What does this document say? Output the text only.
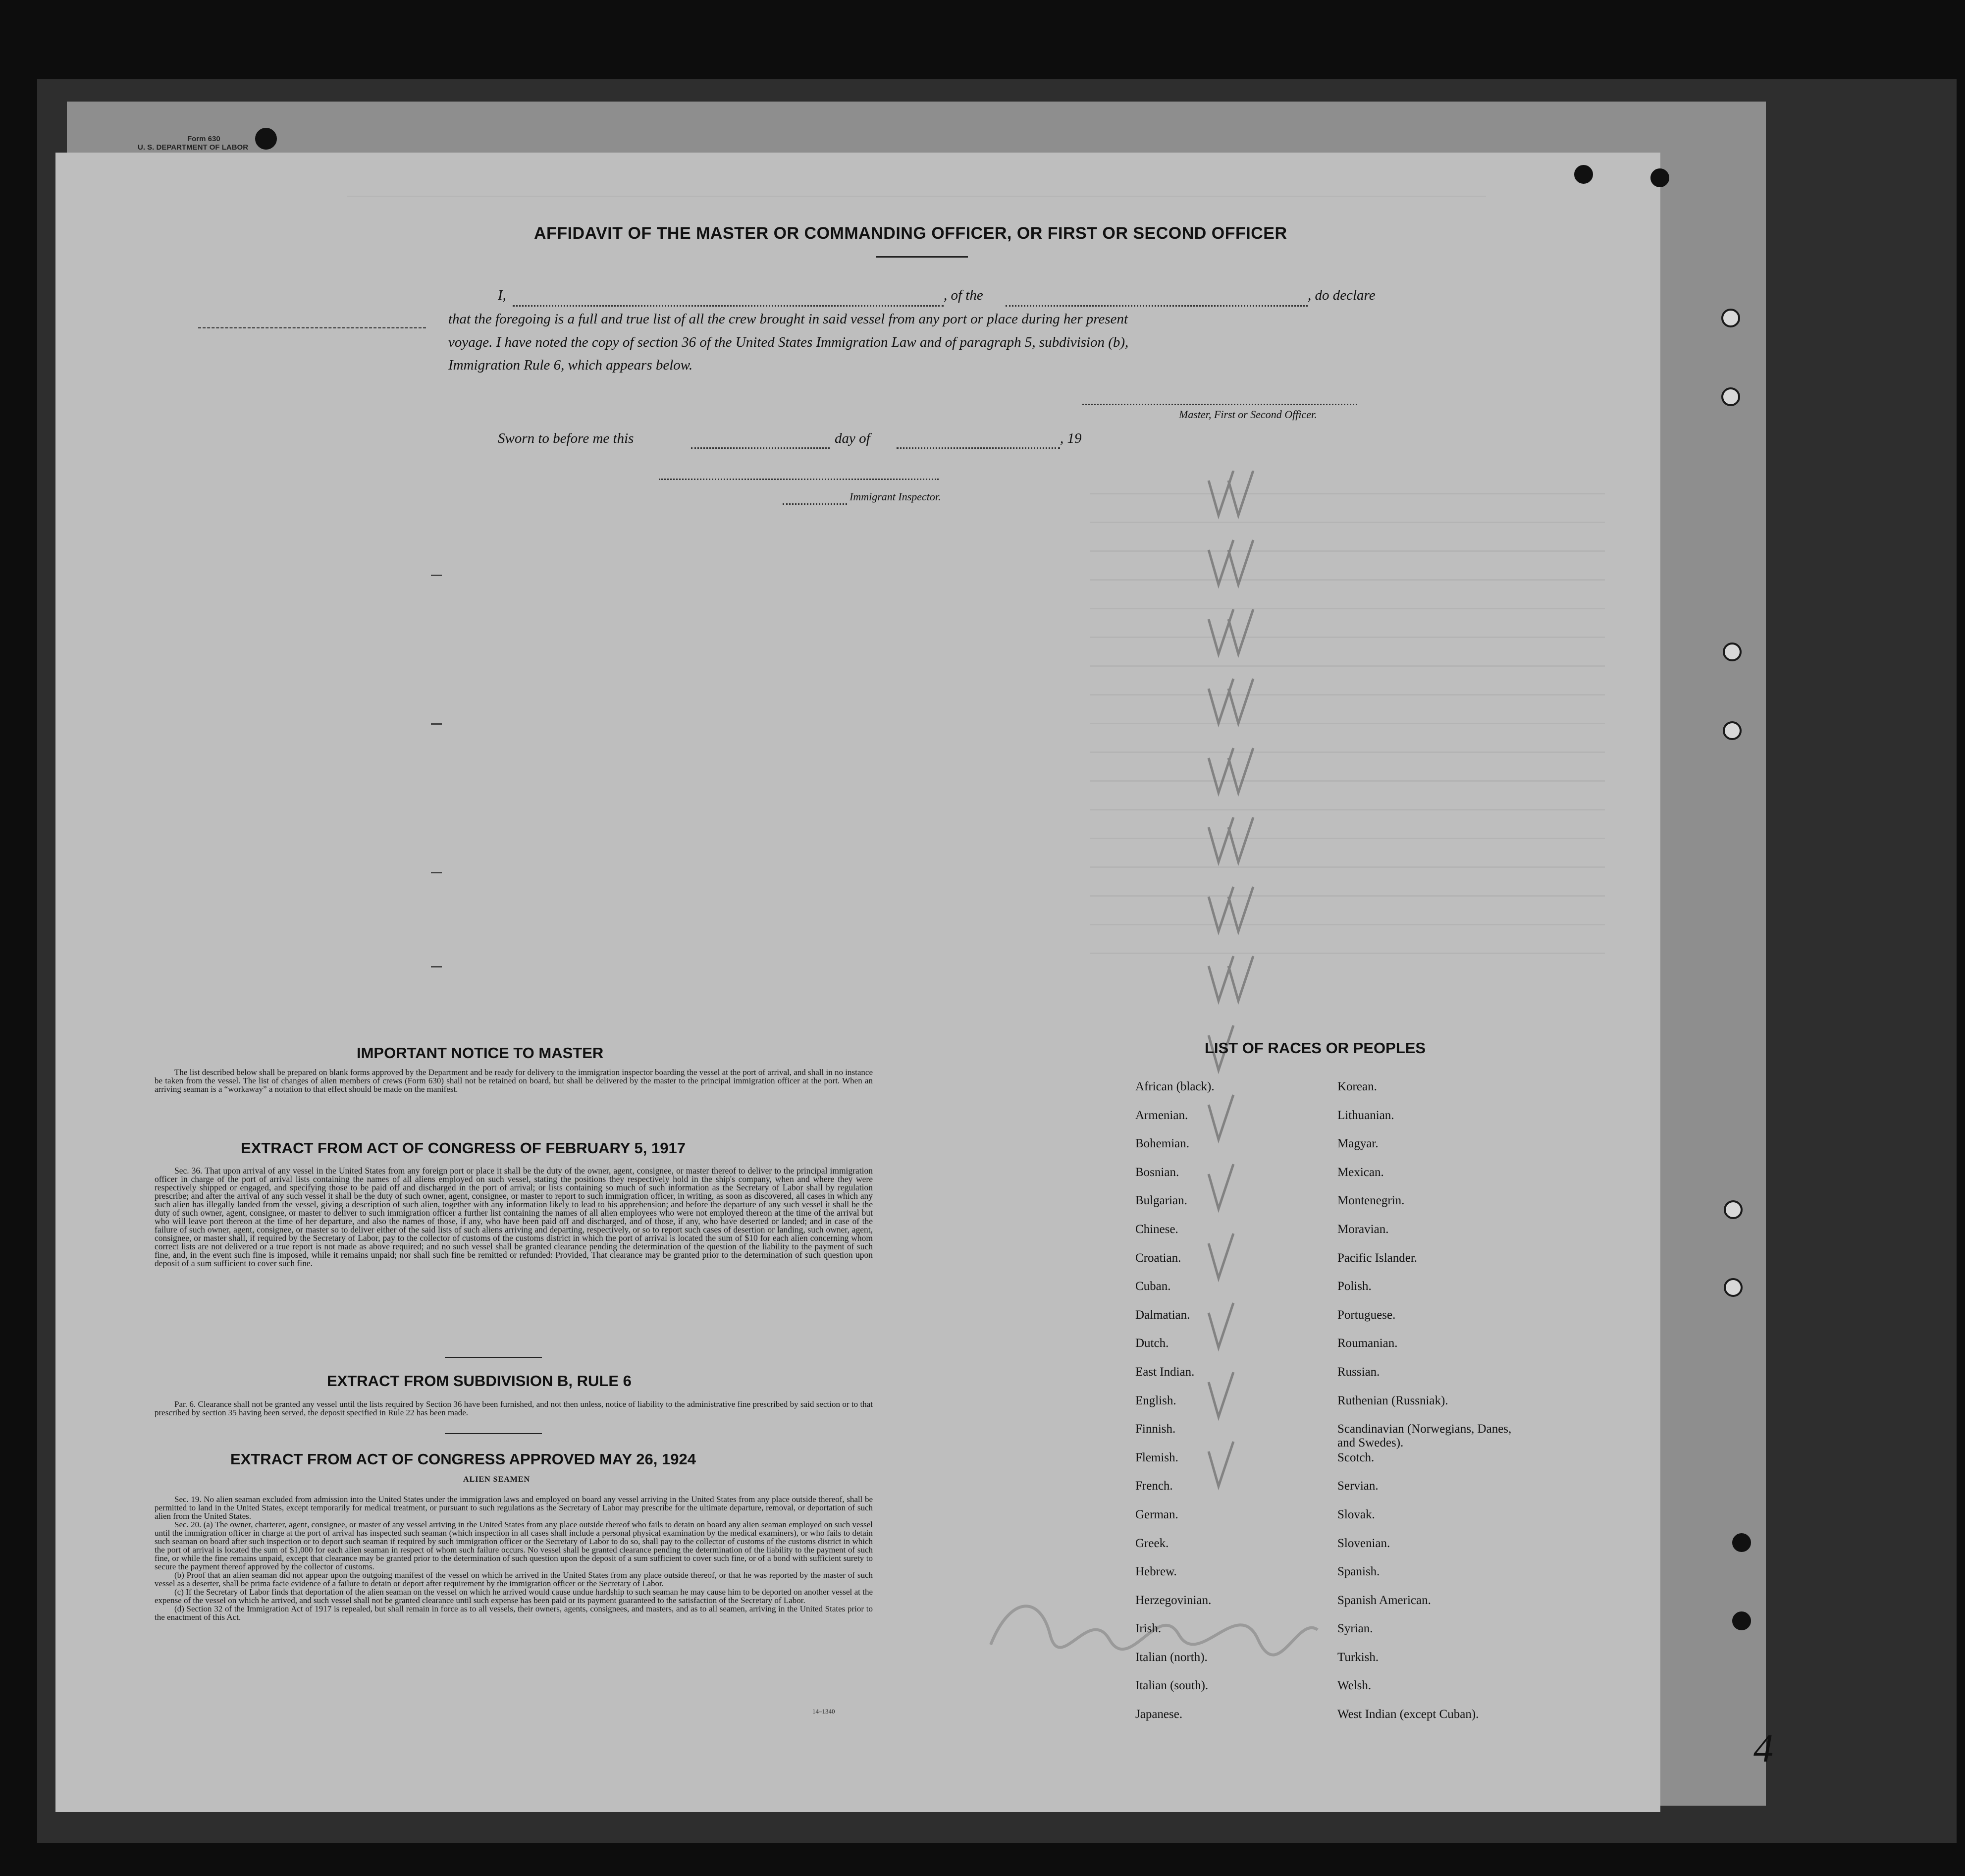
Form 630
U. S. DEPARTMENT OF LABOR
AFFIDAVIT OF THE MASTER OR COMMANDING OFFICER, OR FIRST OR SECOND OFFICER
I,	, of the	, do declare
that the foregoing is a full and true list of all the crew brought in said vessel from any port or place during her present
voyage. I have noted the copy of section 36 of the United States Immigration Law and of paragraph 5, subdivision (b),
Immigration Rule 6, which appears below.
Master, First or Second Officer.
Sworn to before me this	day of	, 19
Immigrant Inspector.
IMPORTANT NOTICE TO MASTER

The list described below shall be prepared on blank forms approved by the Department and be ready for delivery to the immigration inspector boarding the vessel at the port of arrival, and shall in no instance be taken from the vessel. The list of changes of alien members of crews (Form 630) shall not be retained on board, but shall be delivered by the master to the principal immigration officer at the port. When an arriving seaman is a “workaway” a notation to that effect should be made on the manifest.

EXTRACT FROM ACT OF CONGRESS OF FEBRUARY 5, 1917

Sec. 36. That upon arrival of any vessel in the United States from any foreign port or place it shall be the duty of the owner, agent, consignee, or master thereof to deliver to the principal immigration officer in charge of the port of arrival lists containing the names of all aliens employed on such vessel, stating the positions they respectively hold in the ship's company, when and where they were respectively shipped or engaged, and specifying those to be paid off and discharged in the port of arrival; or lists containing so much of such information as the Secretary of Labor shall by regulation prescribe; and after the arrival of any such vessel it shall be the duty of such owner, agent, consignee, or master to report to such immigration officer, in writing, as soon as discovered, all cases in which any such alien has illegally landed from the vessel, giving a description of such alien, together with any information likely to lead to his apprehension; and before the departure of any such vessel it shall be the duty of such owner, agent, consignee, or master to deliver to such immigration officer a further list containing the names of all alien employees who were not employed thereon at the time of the arrival but who will leave port thereon at the time of her departure, and also the names of those, if any, who have been paid off and discharged, and of those, if any, who have deserted or landed; and in case of the failure of such owner, agent, consignee, or master so to deliver either of the said lists of such aliens arriving and departing, respectively, or so to report such cases of desertion or landing, such owner, agent, consignee, or master shall, if required by the Secretary of Labor, pay to the collector of customs of the customs district in which the port of arrival is located the sum of $10 for each alien concerning whom correct lists are not delivered or a true report is not made as above required; and no such vessel shall be granted clearance pending the determination of the question of the liability to the payment of such fine, and, in the event such fine is imposed, while it remains unpaid; nor shall such fine be remitted or refunded: Provided, That clearance may be granted prior to the determination of such question upon deposit of a sum sufficient to cover such fine.

EXTRACT FROM SUBDIVISION B, RULE 6

Par. 6. Clearance shall not be granted any vessel until the lists required by Section 36 have been furnished, and not then unless, notice of liability to the administrative fine prescribed by said section or to that prescribed by section 35 having been served, the deposit specified in Rule 22 has been made.

EXTRACT FROM ACT OF CONGRESS APPROVED MAY 26, 1924
ALIEN SEAMEN

Sec. 19. No alien seaman excluded from admission into the United States under the immigration laws and employed on board any vessel arriving in the United States from any place outside thereof, shall be permitted to land in the United States, except temporarily for medical treatment, or pursuant to such regulations as the Secretary of Labor may prescribe for the ultimate departure, removal, or deportation of such alien from the United States.

Sec. 20. (a) The owner, charterer, agent, consignee, or master of any vessel arriving in the United States from any place outside thereof who fails to detain on board any alien seaman employed on such vessel until the immigration officer in charge at the port of arrival has inspected such seaman (which inspection in all cases shall include a personal physical examination by the medical examiners), or who fails to detain such seaman on board after such inspection or to deport such seaman if required by such immigration officer or the Secretary of Labor to do so, shall pay to the collector of customs of the customs district in which the port of arrival is located the sum of $1,000 for each alien seaman in respect of whom such failure occurs. No vessel shall be granted clearance pending the determination of the liability to the payment of such fine, or while the fine remains unpaid, except that clearance may be granted prior to the determination of such question upon the deposit of a sum sufficient to cover such fine, or of a bond with sufficient surety to secure the payment thereof approved by the collector of customs.

(b) Proof that an alien seaman did not appear upon the outgoing manifest of the vessel on which he arrived in the United States from any place outside thereof, or that he was reported by the master of such vessel as a deserter, shall be prima facie evidence of a failure to detain or deport after requirement by the immigration officer or the Secretary of Labor.

(c) If the Secretary of Labor finds that deportation of the alien seaman on the vessel on which he arrived would cause undue hardship to such seaman he may cause him to be deported on another vessel at the expense of the vessel on which he arrived, and such vessel shall not be granted clearance until such expense has been paid or its payment guaranteed to the satisfaction of the Secretary of Labor.

(d) Section 32 of the Immigration Act of 1917 is repealed, but shall remain in force as to all vessels, their owners, agents, consignees, and masters, and as to all seamen, arriving in the United States prior to the enactment of this Act.

14–1340
LIST OF RACES OR PEOPLES
African (black).
Armenian.
Bohemian.
Bosnian.
Bulgarian.
Chinese.
Croatian.
Cuban.
Dalmatian.
Dutch.
East Indian.
English.
Finnish.
Flemish.
French.
German.
Greek.
Hebrew.
Herzegovinian.
Irish.
Italian (north).
Italian (south).
Japanese.
Korean.
Lithuanian.
Magyar.
Mexican.
Montenegrin.
Moravian.
Pacific Islander.
Polish.
Portuguese.
Roumanian.
Russian.
Ruthenian (Russniak).
Scandinavian (Norwegians, Danes, and Swedes).
Scotch.
Servian.
Slovak.
Slovenian.
Spanish.
Spanish American.
Syrian.
Turkish.
Welsh.
West Indian (except Cuban).
4
